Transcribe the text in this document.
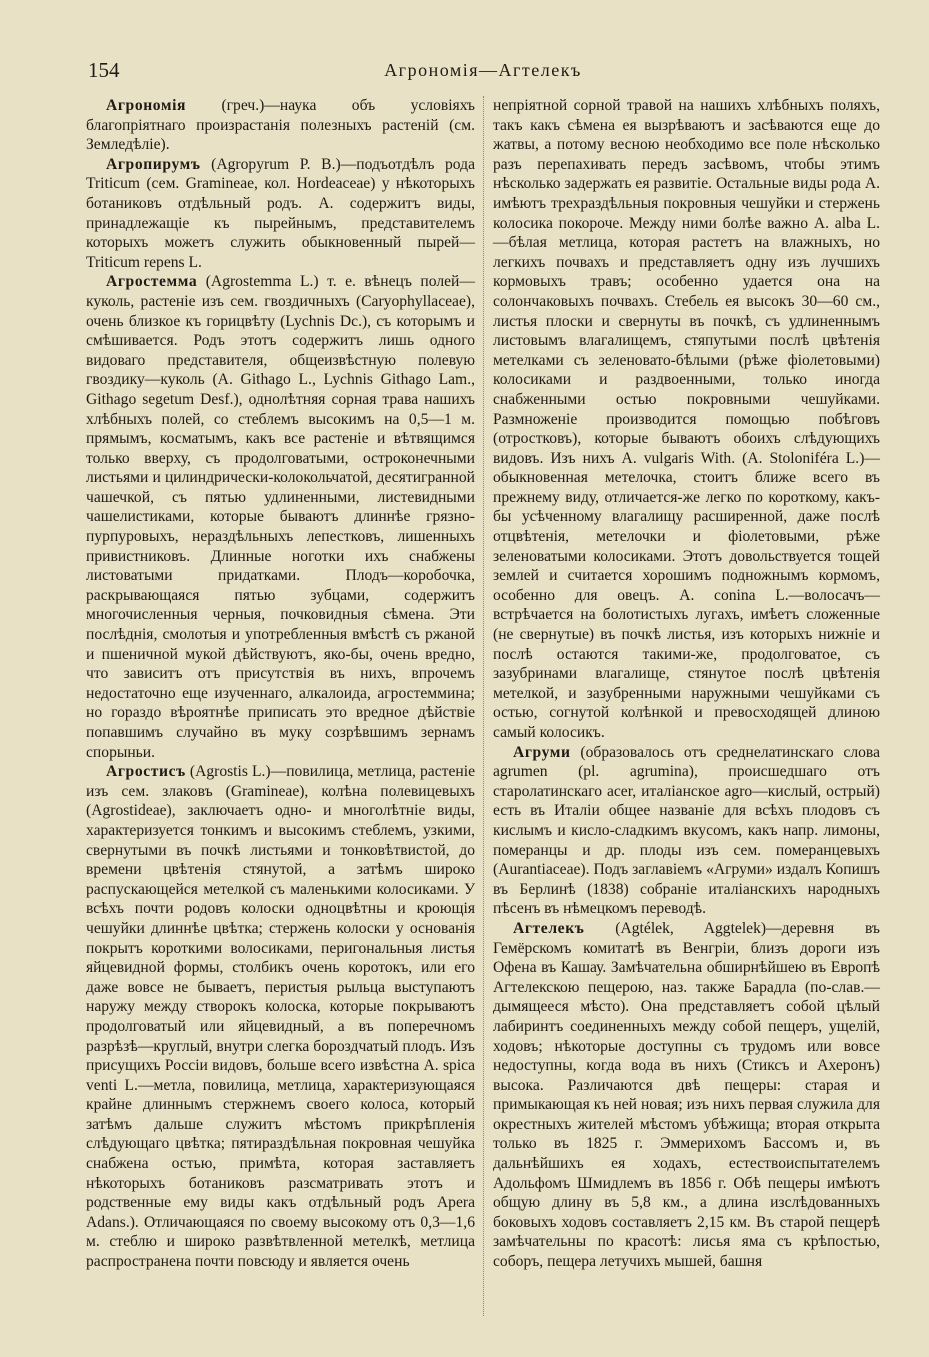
154	Агрономія—Агтелекъ

Агрономія (греч.)—наука объ условіяхъ благопріятнаго произрастанія полезныхъ растеній (см. Земледѣліе).

Агропирумъ (Agropyrum P. B.)—подъотдѣлъ рода Triticum (сем. Gramineae, кол. Hordeaceae) у нѣкоторыхъ ботаниковъ отдѣльный родъ. А. содержитъ виды, принадлежащіе къ пырейнымъ, представителемъ которыхъ можетъ служить обыкновенный пырей—Triticum repens L.

Агростемма (Agrostemma L.) т. е. вѣнецъ полей—куколь, растеніе изъ сем. гвоздичныхъ (Caryophyllaceae), очень близкое къ горицвѣту (Lychnis Dc.), съ которымъ и смѣшивается. Родъ этотъ содержитъ лишь одного видоваго представителя, общеизвѣстную полевую гвоздику—куколь (A. Githago L., Lychnis Githago Lam., Githago segetum Desf.), однолѣтняя сорная трава нашихъ хлѣбныхъ полей, со стеблемъ высокимъ на 0,5—1 м. прямымъ, косматымъ, какъ все растеніе и вѣтвящимся только вверху, съ продолговатыми, остроконечными листьями и цилиндрически-колокольчатой, десятигранной чашечкой, съ пятью удлиненными, листевидными чашелистиками, которые бываютъ длиннѣе грязно-пурпуровыхъ, нераздѣльныхъ лепестковъ, лишенныхъ привистниковъ. Длинные ноготки ихъ снабжены листоватыми придатками. Плодъ—коробочка, раскрывающаяся пятью зубцами, содержитъ многочисленныя черныя, почковидныя сѣмена. Эти послѣднія, смолотыя и употребленныя вмѣстѣ съ ржаной и пшеничной мукой дѣйствуютъ, яко-бы, очень вредно, что зависитъ отъ присутствія въ нихъ, впрочемъ недостаточно еще изученнаго, алкалоида, агростеммина; но гораздо вѣроятнѣе приписать это вредное дѣйствіе попавшимъ случайно въ муку созрѣвшимъ зернамъ спорыньи.

Агростисъ (Agrostis L.)—повилица, метлица, растеніе изъ сем. злаковъ (Gramineae), колѣна полевицевыхъ (Agrostideae), заключаетъ одно- и многолѣтніе виды, характеризуется тонкимъ и высокимъ стеблемъ, узкими, свернутыми въ почкѣ листьями и тонковѣтвистой, до времени цвѣтенія стянутой, а затѣмъ широко распускающейся метелкой съ маленькими колосиками. У всѣхъ почти родовъ колоски одноцвѣтны и кроющія чешуйки длиннѣе цвѣтка; стержень колоски у основанія покрытъ короткими волосиками, перигональныя листья яйцевидной формы, столбикъ очень коротокъ, или его даже вовсе не бываетъ, перистыя рыльца выступаютъ наружу между створокъ колоска, которые покрываютъ продолговатый или яйцевидный, а въ поперечномъ разрѣзѣ—круглый, внутри слегка бороздчатый плодъ. Изъ присущихъ Россіи видовъ, больше всего извѣстна A. spica venti L.—метла, повилица, метлица, характеризующаяся крайне длиннымъ стержнемъ своего колоса, который затѣмъ дальше служитъ мѣстомъ прикрѣпленія слѣдующаго цвѣтка; пятираздѣльная покровная чешуйка снабжена остью, примѣта, которая заставляетъ нѣкоторыхъ ботаниковъ разсматривать этотъ и родственные ему виды какъ отдѣльный родъ Apera Adans.). Отличающаяся по своему высокому отъ 0,3—1,6 м. стеблю и широко развѣтвленной метелкѣ, метлица распространена почти повсюду и является очень

непріятной сорной травой на нашихъ хлѣбныхъ поляхъ, такъ какъ сѣмена ея вызрѣваютъ и засѣваются еще до жатвы, а потому весною необходимо все поле нѣсколько разъ перепахивать передъ засѣвомъ, чтобы этимъ нѣсколько задержать ея развитіе. Остальные виды рода А. имѣютъ трехраздѣльныя покровныя чешуйки и стержень колосика покороче. Между ними болѣе важно A. alba L.—бѣлая метлица, которая растетъ на влажныхъ, но легкихъ почвахъ и представляетъ одну изъ лучшихъ кормовыхъ травъ; особенно удается она на солончаковыхъ почвахъ. Стебель ея высокъ 30—60 см., листья плоски и свернуты въ почкѣ, съ удлиненнымъ листовымъ влагалищемъ, стяпутыми послѣ цвѣтенія метелками съ зеленовато-бѣлыми (рѣже фіолетовыми) колосиками и раздвоенными, только иногда снабженными остью покровными чешуйками. Размноженіе производится помощью побѣговъ (отростковъ), которые бываютъ обоихъ слѣдующихъ видовъ. Изъ нихъ A. vulgaris With. (A. Stoloniféra L.)—обыкновенная метелочка, стоитъ ближе всего въ прежнему виду, отличается-же легко по короткому, какъ-бы усѣченному влагалищу расширенной, даже послѣ отцвѣтенія, метелочки и фіолетовыми, рѣже зеленоватыми колосиками. Этотъ довольствуется тощей землей и считается хорошимъ подножнымъ кормомъ, особенно для овецъ. A. conina L.—волосачъ—встрѣчается на болотистыхъ лугахъ, имѣетъ сложенные (не свернутые) въ почкѣ листья, изъ которыхъ нижніе и послѣ остаются такими-же, продолговатое, съ зазубринами влагалище, стянутое послѣ цвѣтенія метелкой, и зазубренными наружными чешуйками съ остью, согнутой колѣнкой и превосходящей длиною самый колосикъ.

Агруми (образовалось отъ среднелатинскаго слова agrumen (pl. agrumina), происшедшаго отъ старолатинскаго acer, италіанское agro—кислый, острый) есть въ Италіи общее названіе для всѣхъ плодовъ съ кислымъ и кисло-сладкимъ вкусомъ, какъ напр. лимоны, померанцы и др. плоды изъ сем. померанцевыхъ (Aurantiaceae). Подъ заглавіемъ «Агруми» издалъ Копишъ въ Берлинѣ (1838) собраніе италіанскихъ народныхъ пѣсенъ въ нѣмецкомъ переводѣ.

Агтелекъ (Agtélek, Aggtelek)—деревня въ Гемёрскомъ комитатѣ въ Венгріи, близъ дороги изъ Офена въ Кашау. Замѣчательна обширнѣйшею въ Европѣ Агтелекскою пещерою, наз. также Барадла (по-слав.—дымящееся мѣсто). Она представляетъ собой цѣлый лабиринтъ соединенныхъ между собой пещеръ, ущелій, ходовъ; нѣкоторые доступны съ трудомъ или вовсе недоступны, когда вода въ нихъ (Стиксъ и Ахеронъ) высока. Различаются двѣ пещеры: старая и примыкающая къ ней новая; изъ нихъ первая служила для окрестныхъ жителей мѣстомъ убѣжища; вторая открыта только въ 1825 г. Эммерихомъ Бассомъ и, въ дальнѣйшихъ ея ходахъ, естествоиспытателемъ Адольфомъ Шмидлемъ въ 1856 г. Обѣ пещеры имѣютъ общую длину въ 5,8 км., а длина изслѣдованныхъ боковыхъ ходовъ составляетъ 2,15 км. Въ старой пещерѣ замѣчательны по красотѣ: лисья яма съ крѣпостью, соборъ, пещера летучихъ мышей, башня
